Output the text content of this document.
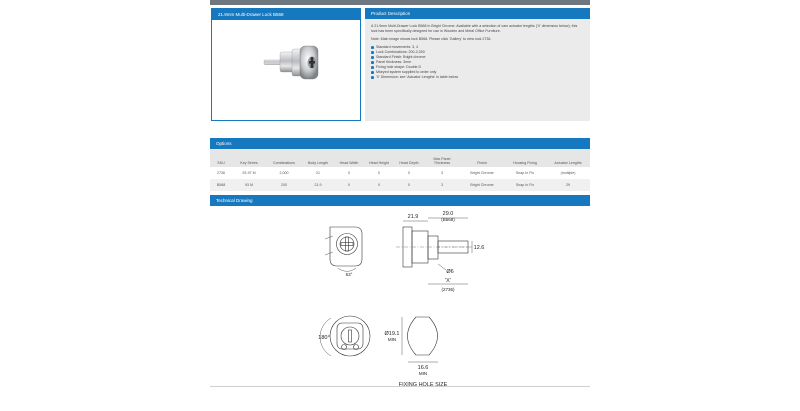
21.9mm Multi-Drawer Lock B568	Product Description

A 21.9mm Multi-Drawer Lock B568 in Bright Chrome. Available with a selection of cam actuator lengths ('X' dimension below), this lock has been specifically designed for use in Wooden and Metal Office Furniture.

Note: Main image shows lock B568. Please click 'Gallery' to view lock 2736.

Standard movements: 3, 4
Lock Combinations: 200-2,000
Standard Finish: Bright chrome
Panel thickness: 3mm
Fixing hole shape: Double D
Mkeyed system supplied to order only
'X' Dimension: see 'Actuator Lengths' in table below
Options
SKU	Key Series	Combinations	Body Length	Head Width	Head Height	Head Depth	Max Panel Thickness	Finish	Housing Fixing	Actuator Lengths
2736	93-97 M	2,000	21	0	0	0	3	Bright Chrome	Snap In Fix	(multiple)
B568	93 M	200	21.9	0	0	0	3	Bright Chrome	Snap In Fix	29
Technical Drawing
21.9	29.0
(B568)
12.6
Ø6
'X'
(2736)
63°
180°
Ø19.1
MIN
16.6
MIN
FIXING HOLE SIZE
